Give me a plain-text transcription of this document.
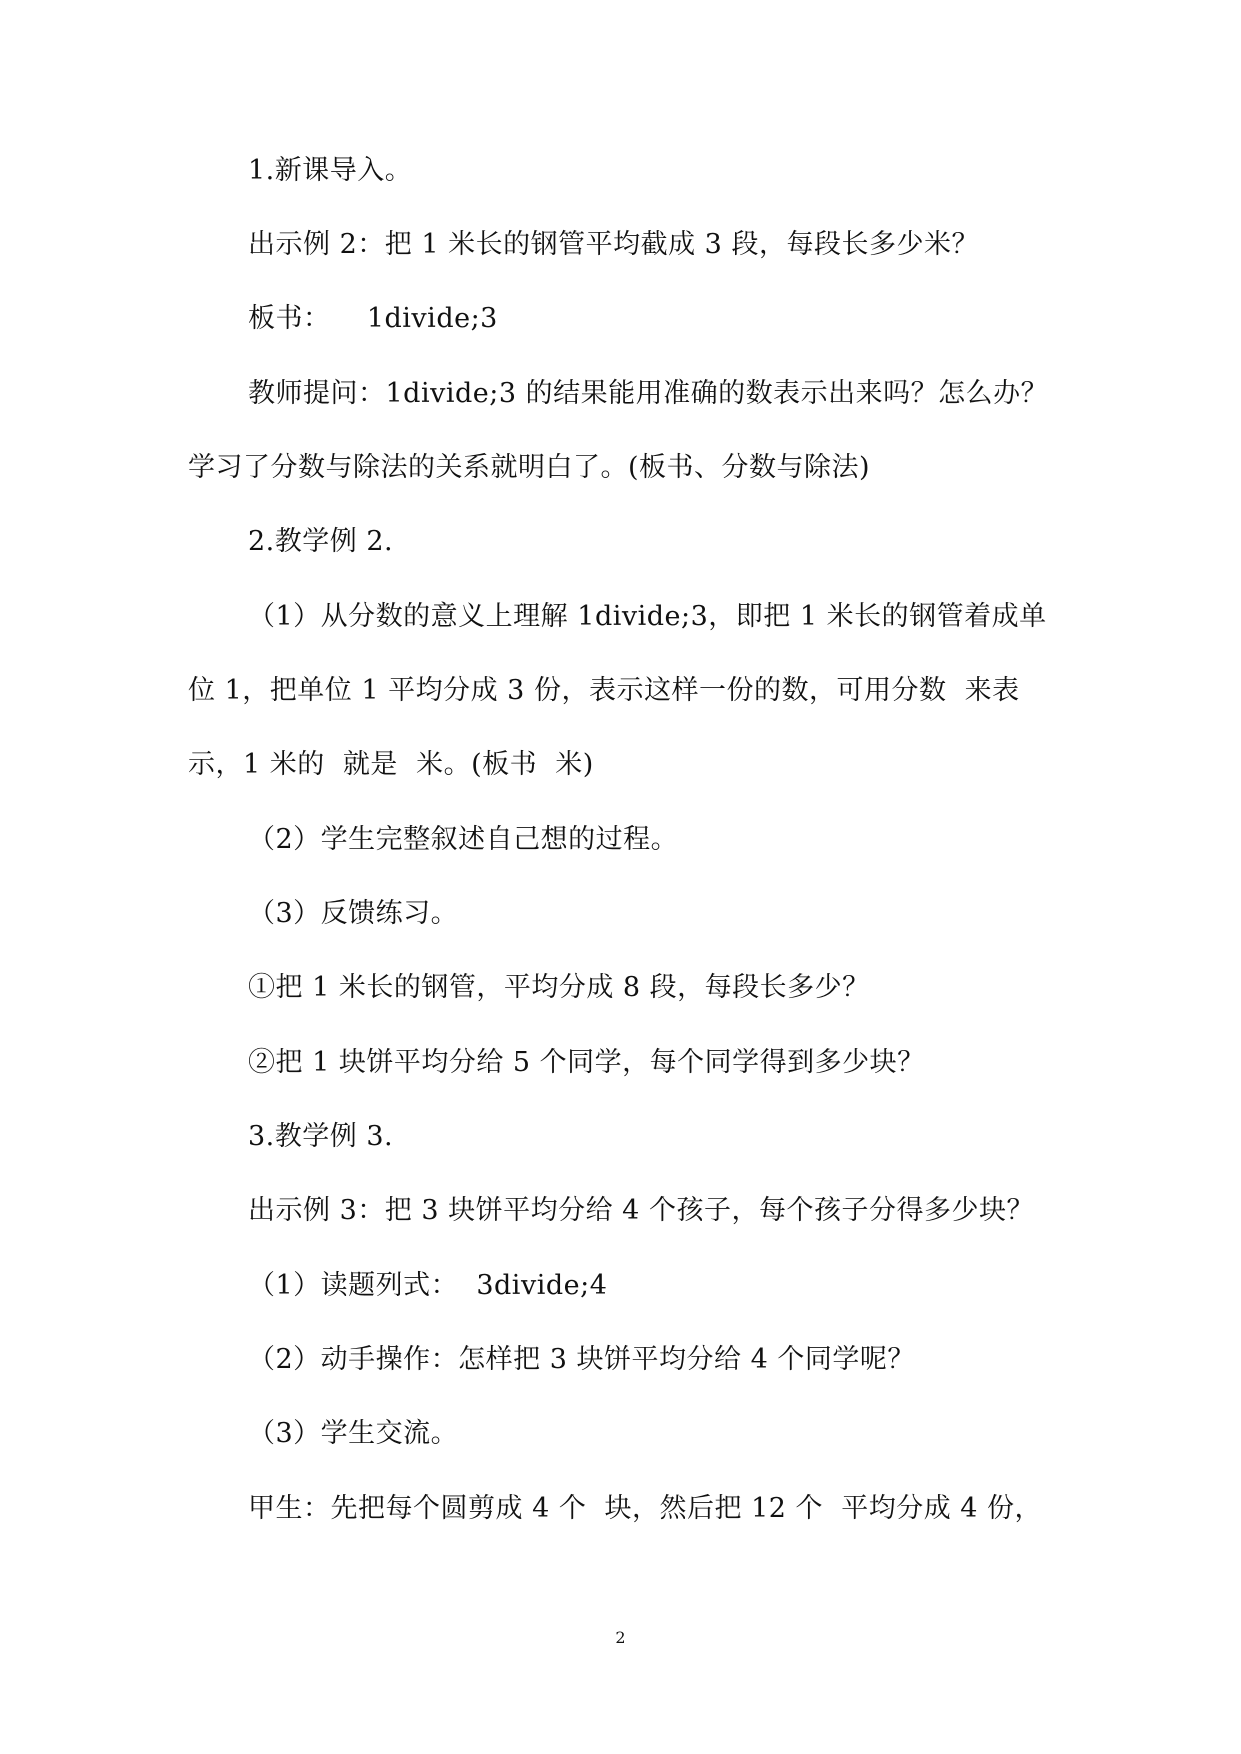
1.新课导入。
出示例 2：把 1 米长的钢管平均截成 3 段，每段长多少米？
板书：    1divide;3
教师提问：1divide;3 的结果能用准确的数表示出来吗？怎么办？
学习了分数与除法的关系就明白了。(板书、分数与除法)
2.教学例 2.
（1）从分数的意义上理解 1divide;3，即把 1 米长的钢管着成单
位 1，把单位 1 平均分成 3 份，表示这样一份的数，可用分数  来表
示，1 米的  就是  米。(板书  米)
（2）学生完整叙述自己想的过程。
（3）反馈练习。
①把 1 米长的钢管，平均分成 8 段，每段长多少？
②把 1 块饼平均分给 5 个同学，每个同学得到多少块？
3.教学例 3.
出示例 3：把 3 块饼平均分给 4 个孩子，每个孩子分得多少块？
（1）读题列式：  3divide;4
（2）动手操作：怎样把 3 块饼平均分给 4 个同学呢？
（3）学生交流。
甲生：先把每个圆剪成 4 个  块，然后把 12 个  平均分成 4 份，
2
